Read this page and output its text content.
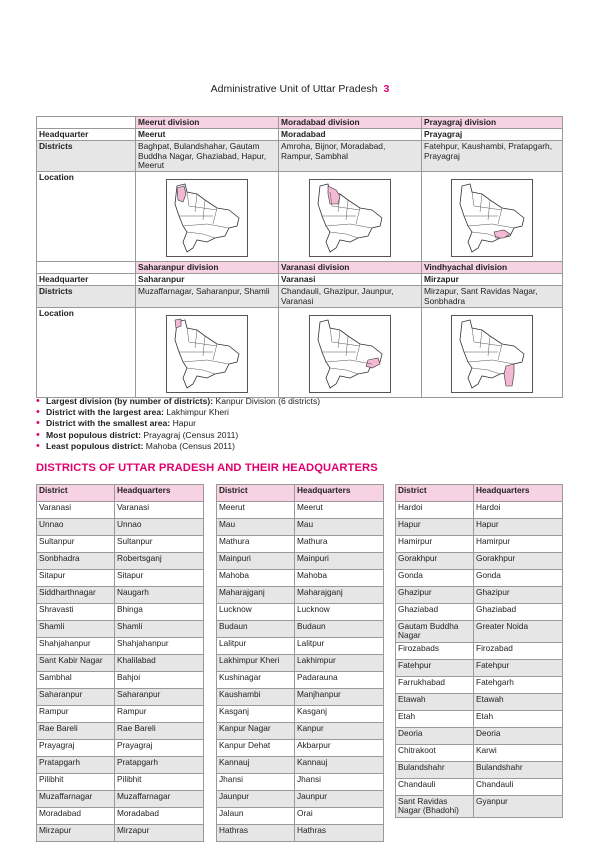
Administrative Unit of Uttar Pradesh 3
	Meerut division	Moradabad division	Prayagraj division
Headquarter	Meerut	Moradabad	Prayagraj
Districts	Baghpat, Bulandshahar, Gautam Buddha Nagar, Ghaziabad, Hapur, Meerut	Amroha, Bijnor, Moradabad, Rampur, Sambhal	Fatehpur, Kaushambi, Pratapgarh, Prayagraj
Location	

	Saharanpur division	Varanasi division	Vindhyachal division
Headquarter	Saharanpur	Varanasi	Mirzapur
Districts	Muzaffarnagar, Saharanpur, Shamli	Chandauli, Ghazipur, Jaunpur, Varanasi	Mirzapur, Sant Ravidas Nagar, Sonbhadra
Location	

• Largest division (by number of districts): Kanpur Division (6 districts)
• District with the largest area: Lakhimpur Kheri
• District with the smallest area: Hapur
• Most populous district: Prayagraj (Census 2011)
• Least populous district: Mahoba (Census 2011)
DISTRICTS OF UTTAR PRADESH AND THEIR HEADQUARTERS
District	Headquarters
Varanasi	Varanasi
Unnao	Unnao
Sultanpur	Sultanpur
Sonbhadra	Robertsganj
Sitapur	Sitapur
Siddharthnagar	Naugarh
Shravasti	Bhinga
Shamli	Shamli
Shahjahanpur	Shahjahanpur
Sant Kabir Nagar	Khalilabad
Sambhal	Bahjoi
Saharanpur	Saharanpur
Rampur	Rampur
Rae Bareli	Rae Bareli
Prayagraj	Prayagraj
Pratapgarh	Pratapgarh
Pilibhit	Pilibhit
Muzaffarnagar	Muzaffarnagar
Moradabad	Moradabad
Mirzapur	Mirzapur
District	Headquarters
Meerut	Meerut
Mau	Mau
Mathura	Mathura
Mainpuri	Mainpuri
Mahoba	Mahoba
Maharajganj	Maharajganj
Lucknow	Lucknow
Budaun	Budaun
Lalitpur	Lalitpur
Lakhimpur Kheri	Lakhimpur
Kushinagar	Padarauna
Kaushambi	Manjhanpur
Kasganj	Kasganj
Kanpur Nagar	Kanpur
Kanpur Dehat	Akbarpur
Kannauj	Kannauj
Jhansi	Jhansi
Jaunpur	Jaunpur
Jalaun	Orai
Hathras	Hathras
District	Headquarters
Hardoi	Hardoi
Hapur	Hapur
Hamirpur	Hamirpur
Gorakhpur	Gorakhpur
Gonda	Gonda
Ghazipur	Ghazipur
Ghaziabad	Ghaziabad
Gautam Buddha Nagar	Greater Noida
Firozabads	Firozabad
Fatehpur	Fatehpur
Farrukhabad	Fatehgarh
Etawah	Etawah
Etah	Etah
Deoria	Deoria
Chitrakoot	Karwi
Bulandshahr	Bulandshahr
Chandauli	Chandauli
Sant Ravidas Nagar (Bhadohi)	Gyanpur
